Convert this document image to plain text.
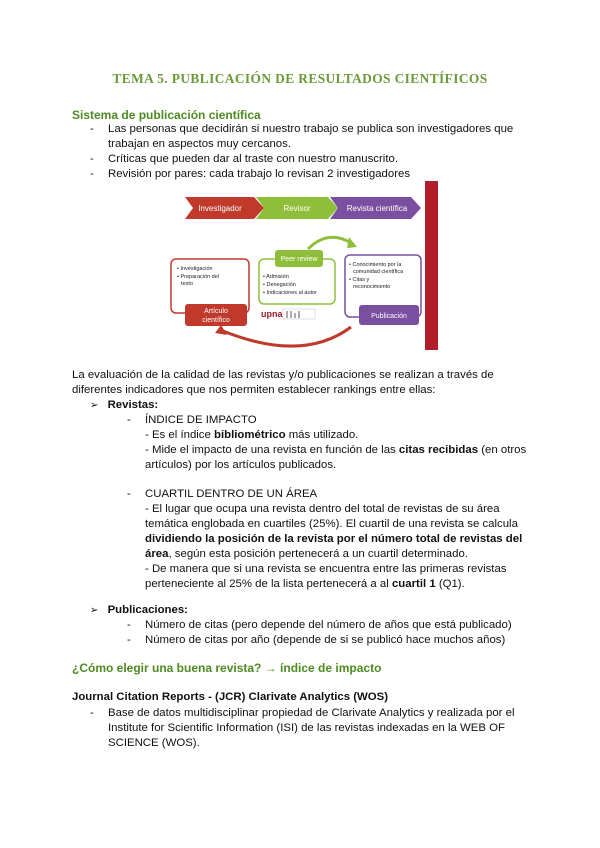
TEMA 5. PUBLICACIÓN DE RESULTADOS CIENTÍFICOS
Sistema de publicación científica
- Las personas que decidirán si nuestro trabajo se publica son investigadores que
trabajan en aspectos muy cercanos.
- Críticas que pueden dar al traste con nuestro manuscrito.
- Revisión por pares: cada trabajo lo revisan 2 investigadores
Investigador	Revisor	Revista científica
• Investigación
• Preparación del
texto
Artículo
científico
Peer review
• Admisión
• Denegación
• Indicaciones al autor
upna
• Conocimiento por la
comunidad científica
• Citas y
reconocimiento
Publicación
La evaluación de la calidad de las revistas y/o publicaciones se realizan a través de
diferentes indicadores que nos permiten establecer rankings entre ellas:
➢ Revistas:
- ÍNDICE DE IMPACTO
- Es el índice bibliométrico más utilizado.
- Mide el impacto de una revista en función de las citas recibidas (en otros
artículos) por los artículos publicados.
- CUARTIL DENTRO DE UN ÁREA
- El lugar que ocupa una revista dentro del total de revistas de su área
temática englobada en cuartiles (25%). El cuartil de una revista se calcula
dividiendo la posición de la revista por el número total de revistas del
área, según esta posición pertenecerá a un cuartil determinado.
- De manera que si una revista se encuentra entre las primeras revistas
perteneciente al 25% de la lista pertenecerá a al cuartil 1 (Q1).
➢ Publicaciones:
- Número de citas (pero depende del número de años que está publicado)
- Número de citas por año (depende de si se publicó hace muchos años)
¿Cómo elegir una buena revista? → índice de impacto
Journal Citation Reports - (JCR) Clarivate Analytics (WOS)
- Base de datos multidisciplinar propiedad de Clarivate Analytics y realizada por el
Institute for Scientific Information (ISI) de las revistas indexadas en la WEB OF
SCIENCE (WOS).
